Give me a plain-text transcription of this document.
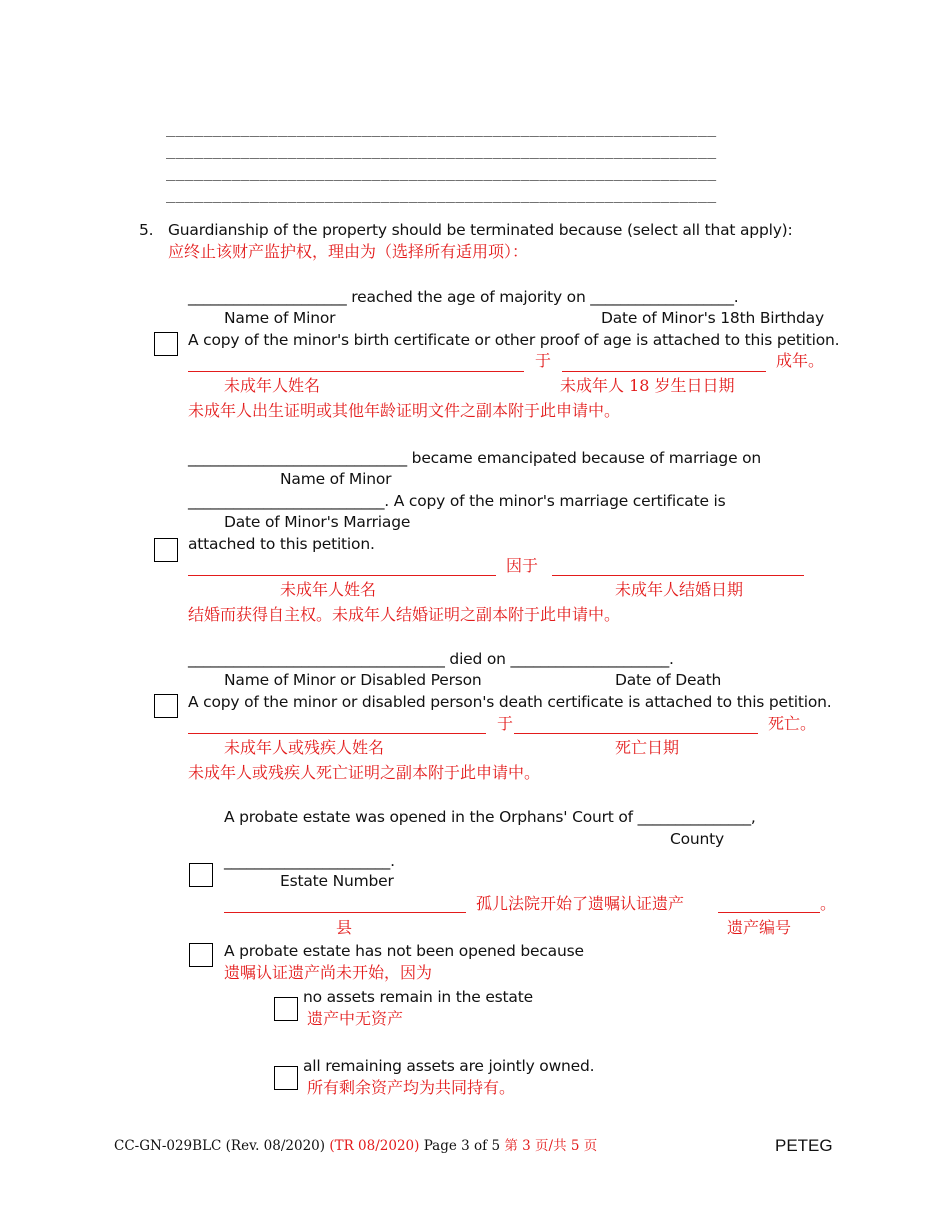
___________________________________________________________
___________________________________________________________
___________________________________________________________
___________________________________________________________
5. Guardianship of the property should be terminated because (select all that apply):
应终止该财产监护权，理由为（选择所有适用项）：
_____________________ reached the age of majority on ___________________.
Name of Minor	Date of Minor's 18th Birthday
A copy of the minor's birth certificate or other proof of age is attached to this petition.
于	成年。
未成年人姓名	未成年人 18 岁生日日期
未成年人出生证明或其他年龄证明文件之副本附于此申请中。
_____________________________ became emancipated because of marriage on
Name of Minor
__________________________. A copy of the minor's marriage certificate is
Date of Minor's Marriage
attached to this petition.
因于
未成年人姓名	未成年人结婚日期
结婚而获得自主权。未成年人结婚证明之副本附于此申请中。
__________________________________ died on _____________________.
Name of Minor or Disabled Person	Date of Death
A copy of the minor or disabled person's death certificate is attached to this petition.
于	死亡。
未成年人或残疾人姓名	死亡日期
未成年人或残疾人死亡证明之副本附于此申请中。
A probate estate was opened in the Orphans' Court of _______________,
County
______________________.
Estate Number
孤儿法院开始了遗嘱认证遗产	。
县	遗产编号
A probate estate has not been opened because
遗嘱认证遗产尚未开始，因为
no assets remain in the estate
遗产中无资产
all remaining assets are jointly owned.
所有剩余资产均为共同持有。
CC-GN-029BLC (Rev. 08/2020) (TR 08/2020) Page 3 of 5 第 3 页/共 5 页	PETEG
